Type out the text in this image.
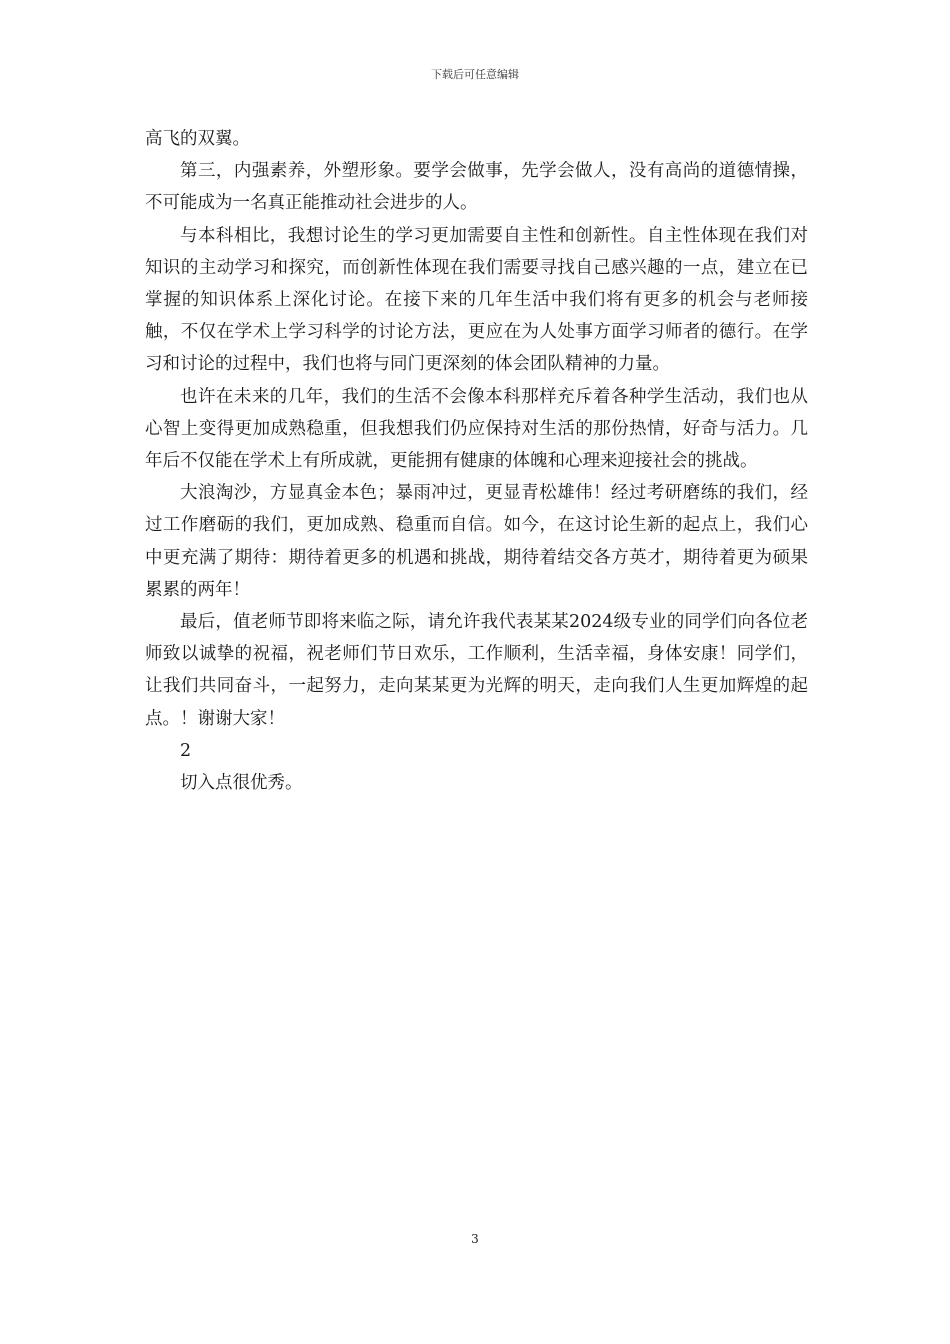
下载后可任意编辑

高飞的双翼。

第三，内强素养，外塑形象。要学会做事，先学会做人，没有高尚的道德情操，不可能成为一名真正能推动社会进步的人。

与本科相比，我想讨论生的学习更加需要自主性和创新性。自主性体现在我们对知识的主动学习和探究，而创新性体现在我们需要寻找自己感兴趣的一点，建立在已掌握的知识体系上深化讨论。在接下来的几年生活中我们将有更多的机会与老师接触，不仅在学术上学习科学的讨论方法，更应在为人处事方面学习师者的德行。在学习和讨论的过程中，我们也将与同门更深刻的体会团队精神的力量。

也许在未来的几年，我们的生活不会像本科那样充斥着各种学生活动，我们也从心智上变得更加成熟稳重，但我想我们仍应保持对生活的那份热情，好奇与活力。几年后不仅能在学术上有所成就，更能拥有健康的体魄和心理来迎接社会的挑战。

大浪淘沙，方显真金本色；暴雨冲过，更显青松雄伟！经过考研磨练的我们，经过工作磨砺的我们，更加成熟、稳重而自信。如今，在这讨论生新的起点上，我们心中更充满了期待：期待着更多的机遇和挑战，期待着结交各方英才，期待着更为硕果累累的两年！

最后，值老师节即将来临之际，请允许我代表某某2024级专业的同学们向各位老师致以诚挚的祝福，祝老师们节日欢乐，工作顺利，生活幸福，身体安康！同学们，让我们共同奋斗，一起努力，走向某某更为光辉的明天，走向我们人生更加辉煌的起点。！谢谢大家！

2

切入点很优秀。

3
